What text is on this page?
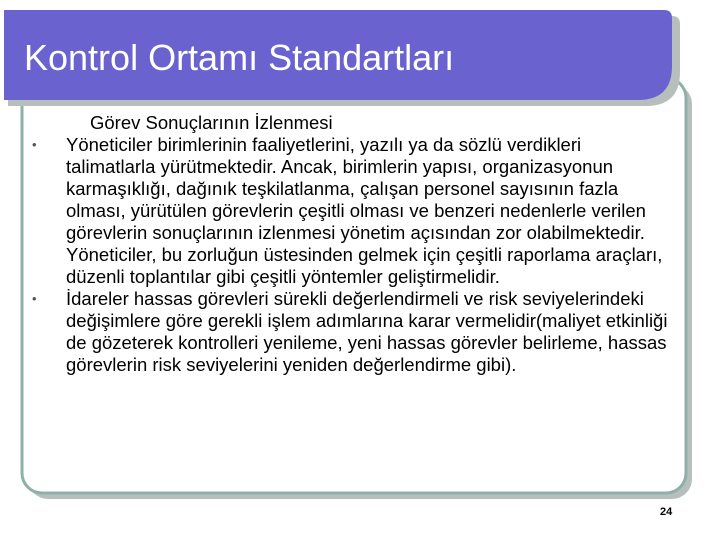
Kontrol Ortamı Standartları
Görev Sonuçlarının İzlenmesi
•	Yöneticiler birimlerinin faaliyetlerini, yazılı ya da sözlü verdikleri talimatlarla yürütmektedir. Ancak, birimlerin yapısı, organizasyonun karmaşıklığı, dağınık teşkilatlanma, çalışan personel sayısının fazla olması, yürütülen görevlerin çeşitli olması ve benzeri nedenlerle verilen görevlerin sonuçlarının izlenmesi yönetim açısından zor olabilmektedir. Yöneticiler, bu zorluğun üstesinden gelmek için çeşitli raporlama araçları, düzenli toplantılar gibi çeşitli yöntemler geliştirmelidir.
•	İdareler hassas görevleri sürekli değerlendirmeli ve risk seviyelerindeki değişimlere göre gerekli işlem adımlarına karar vermelidir(maliyet etkinliği de gözeterek kontrolleri yenileme, yeni hassas görevler belirleme, hassas görevlerin risk seviyelerini yeniden değerlendirme gibi).
24
